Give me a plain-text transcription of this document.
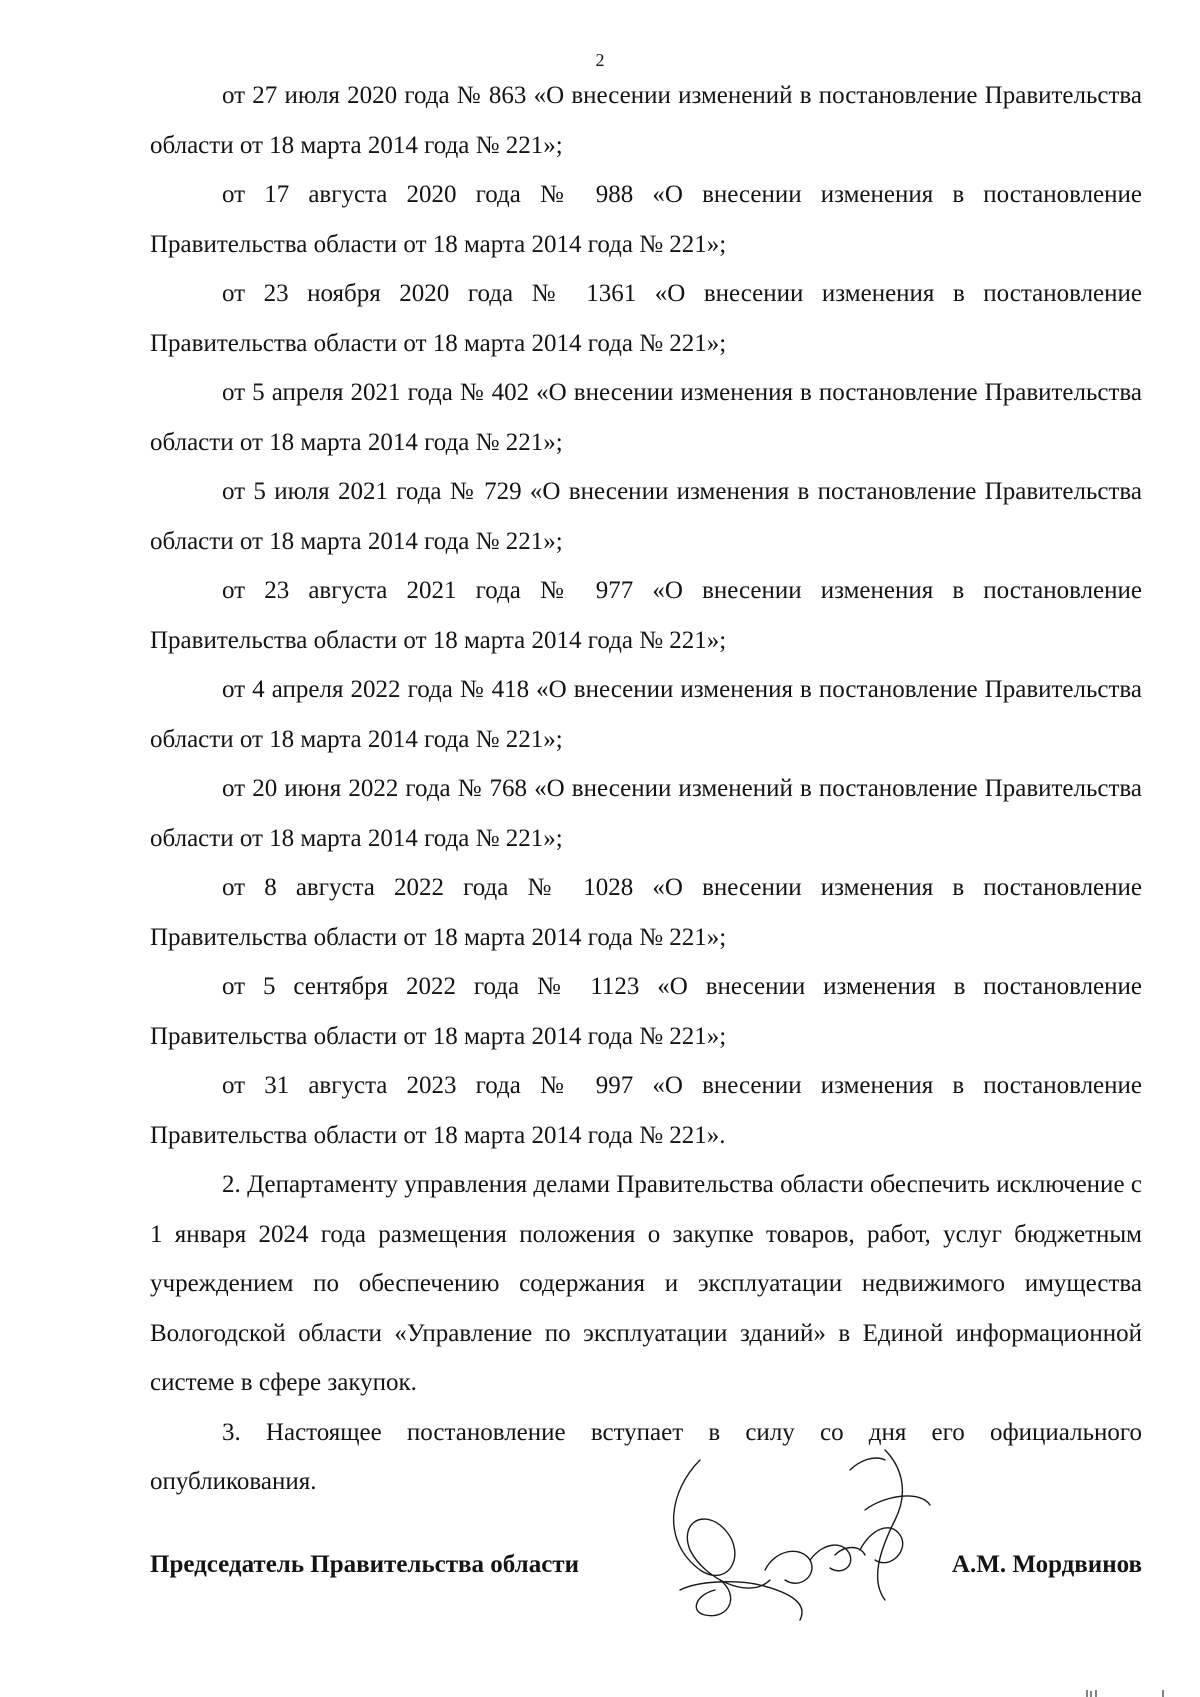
2

от 27 июля 2020 года № 863 «О внесении изменений в постановление Правительства области от 18 марта 2014 года № 221»;

от 17 августа 2020 года № 988 «О внесении изменения в постановление Правительства области от 18 марта 2014 года № 221»;

от 23 ноября 2020 года № 1361 «О внесении изменения в постановление Правительства области от 18 марта 2014 года № 221»;

от 5 апреля 2021 года № 402 «О внесении изменения в постановление Правительства области от 18 марта 2014 года № 221»;

от 5 июля 2021 года № 729 «О внесении изменения в постановление Правительства области от 18 марта 2014 года № 221»;

от 23 августа 2021 года № 977 «О внесении изменения в постановление Правительства области от 18 марта 2014 года № 221»;

от 4 апреля 2022 года № 418 «О внесении изменения в постановление Правительства области от 18 марта 2014 года № 221»;

от 20 июня 2022 года № 768 «О внесении изменений в постановление Правительства области от 18 марта 2014 года № 221»;

от 8 августа 2022 года № 1028 «О внесении изменения в постановление Правительства области от 18 марта 2014 года № 221»;

от 5 сентября 2022 года № 1123 «О внесении изменения в постановление Правительства области от 18 марта 2014 года № 221»;

от 31 августа 2023 года № 997 «О внесении изменения в постановление Правительства области от 18 марта 2014 года № 221».

2. Департаменту управления делами Правительства области обеспечить исключение с 1 января 2024 года размещения положения о закупке товаров, работ, услуг бюджетным учреждением по обеспечению содержания и эксплуатации недвижимого имущества Вологодской области «Управление по эксплуатации зданий» в Единой информационной системе в сфере закупок.

3. Настоящее постановление вступает в силу со дня его официального опубликования.

Председатель Правительства области	А.М. Мордвинов
